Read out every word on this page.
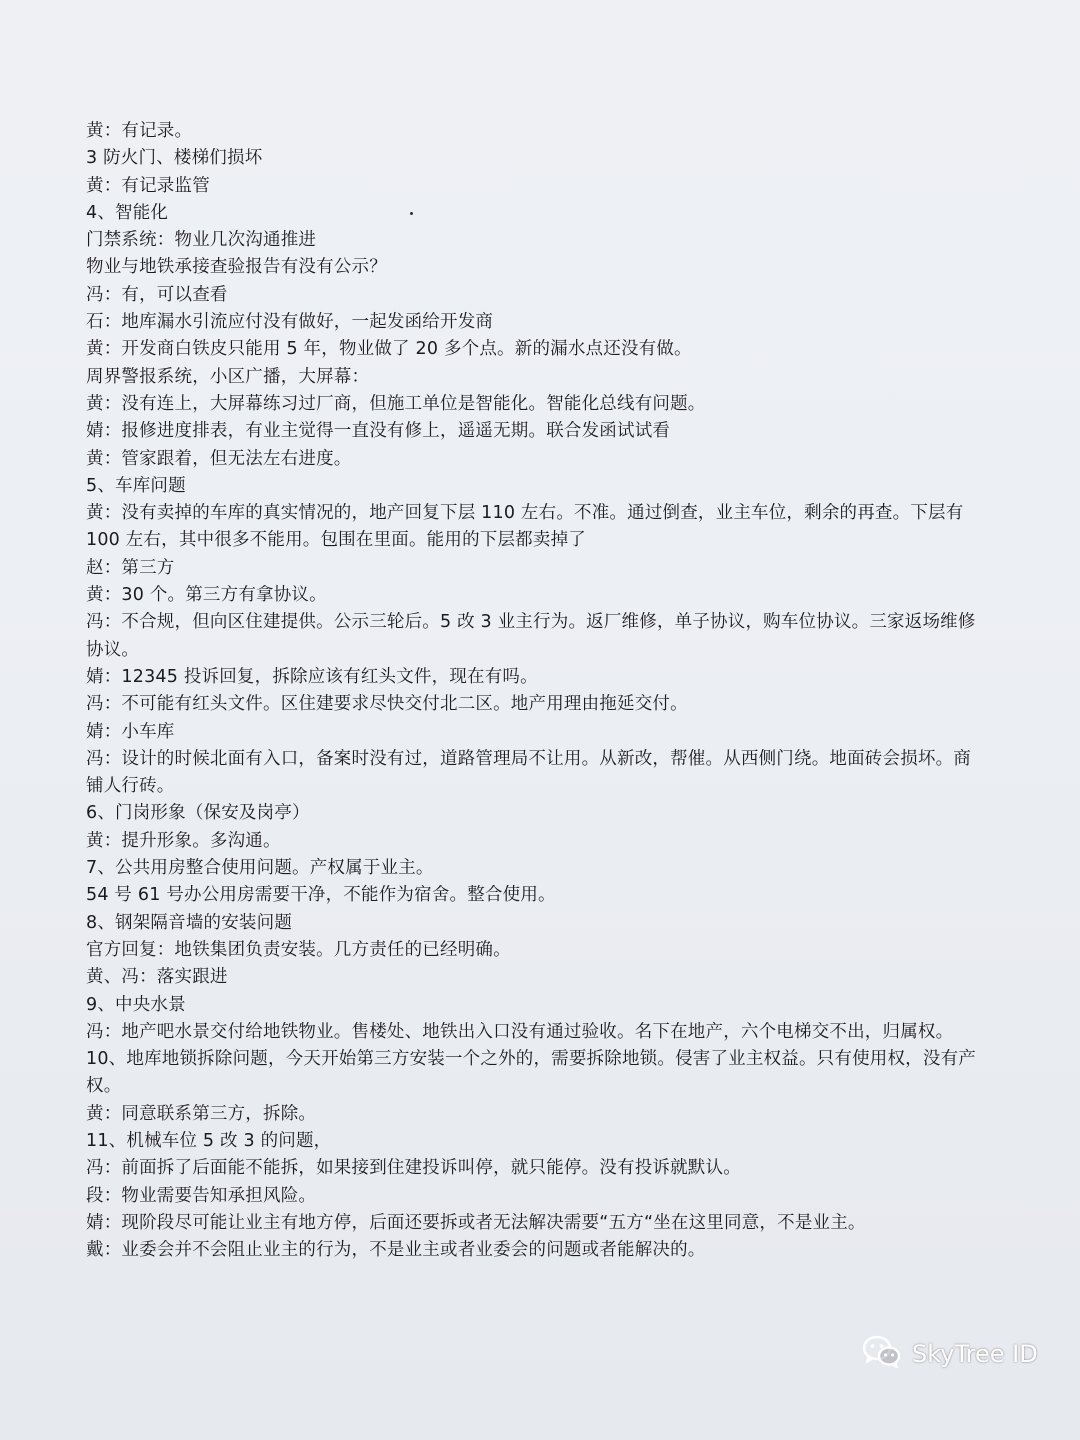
黄：有记录。
3 防火门、楼梯们损坏
黄：有记录监管
4、智能化
门禁系统：物业几次沟通推进
物业与地铁承接查验报告有没有公示？
冯：有，可以查看
石：地库漏水引流应付没有做好，一起发函给开发商
黄：开发商白铁皮只能用 5 年，物业做了 20 多个点。新的漏水点还没有做。
周界警报系统，小区广播，大屏幕：
黄：没有连上，大屏幕练习过厂商，但施工单位是智能化。智能化总线有问题。
婧：报修进度排表，有业主觉得一直没有修上，遥遥无期。联合发函试试看
黄：管家跟着，但无法左右进度。
5、车库问题
黄：没有卖掉的车库的真实情况的，地产回复下层 110 左右。不准。通过倒查，业主车位，剩余的再查。下层有 100 左右，其中很多不能用。包围在里面。能用的下层都卖掉了
赵：第三方
黄：30 个。第三方有拿协议。
冯：不合规，但向区住建提供。公示三轮后。5 改 3 业主行为。返厂维修，单子协议，购车位协议。三家返场维修协议。
婧：12345 投诉回复，拆除应该有红头文件，现在有吗。
冯：不可能有红头文件。区住建要求尽快交付北二区。地产用理由拖延交付。
婧：小车库
冯：设计的时候北面有入口，备案时没有过，道路管理局不让用。从新改，帮催。从西侧门绕。地面砖会损坏。商铺人行砖。
6、门岗形象（保安及岗亭）
黄：提升形象。多沟通。
7、公共用房整合使用问题。产权属于业主。
54 号 61 号办公用房需要干净，不能作为宿舍。整合使用。
8、钢架隔音墙的安装问题
官方回复：地铁集团负责安装。几方责任的已经明确。
黄、冯：落实跟进
9、中央水景
冯：地产吧水景交付给地铁物业。售楼处、地铁出入口没有通过验收。名下在地产，六个电梯交不出，归属权。
10、地库地锁拆除问题，今天开始第三方安装一个之外的，需要拆除地锁。侵害了业主权益。只有使用权，没有产权。
黄：同意联系第三方，拆除。
11、机械车位 5 改 3 的问题，
冯：前面拆了后面能不能拆，如果接到住建投诉叫停，就只能停。没有投诉就默认。
段：物业需要告知承担风险。
婧：现阶段尽可能让业主有地方停，后面还要拆或者无法解决需要“五方“坐在这里同意，不是业主。
戴：业委会并不会阻止业主的行为，不是业主或者业委会的问题或者能解决的。
SkyTree ID
